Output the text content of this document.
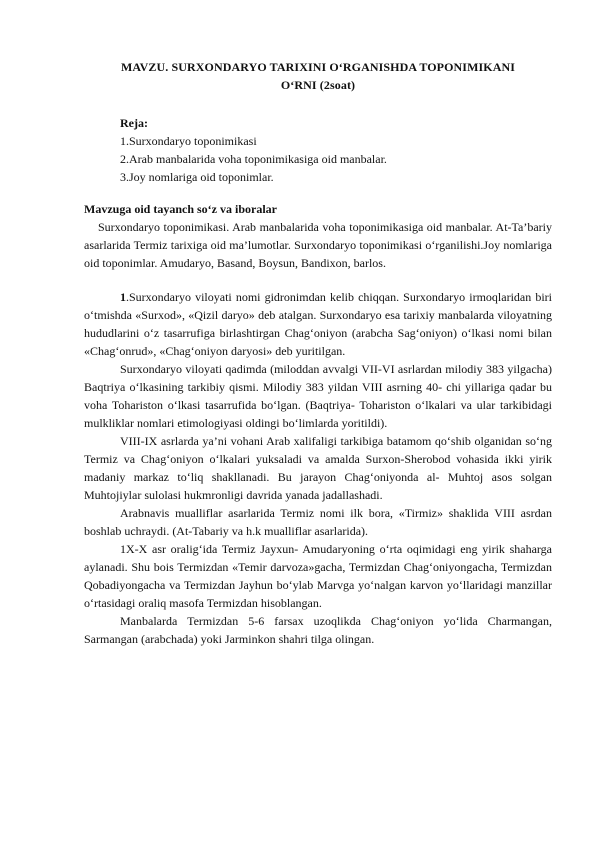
MAVZU. SURXONDARYO TARIXINI O‘RGANISHDA TOPONIMIKANI
O‘RNI (2soat)

Reja:

1.Surxondaryo toponimikasi

2.Arab manbalarida voha toponimikasiga oid manbalar.

3.Joy nomlariga oid toponimlar.

Mavzuga oid tayanch so‘z va iboralar

Surxondaryo toponimikasi. Arab manbalarida voha toponimikasiga oid manbalar. At-Ta’bariy asarlarida Termiz tarixiga oid ma’lumotlar. Surxondaryo toponimikasi o‘rganilishi.Joy nomlariga oid toponimlar. Amudaryo, Basand, Boysun, Bandixon, barlos.

1.Surxondaryo viloyati nomi gidronimdan kelib chiqqan. Surxondaryo irmoqlaridan biri o‘tmishda «Surxod», «Qizil daryo» deb atalgan. Surxondaryo esa tarixiy manbalarda viloyatning hududlarini o‘z tasarrufiga birlashtirgan Chag‘oniyon (arabcha Sag‘oniyon) o‘lkasi nomi bilan «Chag‘onrud», «Chag‘oniyon daryosi» deb yuritilgan.

Surxondaryo viloyati qadimda (miloddan avvalgi VII-VI asrlardan milodiy 383 yilgacha) Baqtriya o‘lkasining tarkibiy qismi. Milodiy 383 yildan VIII asrning 40- chi yillariga qadar bu voha Toharistоn o‘lkasi tasarrufida bo‘lgan. (Baqtriya- Toharistоn o‘lkalari va ular tarkibidagi mulkliklar nomlari etimologiyasi oldingi bo‘limlarda yoritildi).

VIII-IX asrlarda ya’ni vohani Arab xalifaligi tarkibiga batamom qo‘shib olganidan so‘ng Termiz va Chag‘oniyon o‘lkalari yuksaladi va amalda Surxon-Sherobod vohasida ikki yirik madaniy markaz to‘liq shakllanadi. Bu jarayon Chag‘oniyonda al- Muhtoj asos solgan Muhtojiylar sulolasi hukmronligi davrida yanada jadallashadi.

Arabnavis mualliflar asarlarida Termiz nomi ilk bora, «Tirmiz» shaklida VIII asrdan boshlab uchraydi. (At-Tabariy va h.k mualliflar asarlarida).

1X-X asr oralig‘ida Termiz Jayxun- Amudaryoning o‘rta oqimidagi eng yirik shaharga aylanadi. Shu bois Termizdan «Temir darvoza»gacha, Termizdan Chag‘oniyongacha, Termizdan Qobadiyongacha va Termizdan Jayhun bo‘ylab Marvga yo‘nalgan karvon yo‘llaridagi manzillar o‘rtasidagi oraliq masofa Termizdan hisoblangan.

Manbalarda Termizdan 5-6 farsax uzoqlikda Chag‘oniyon yo‘lida Charmangan, Sarmangan (arabchada) yoki Jarminkon shahri tilga olingan.
